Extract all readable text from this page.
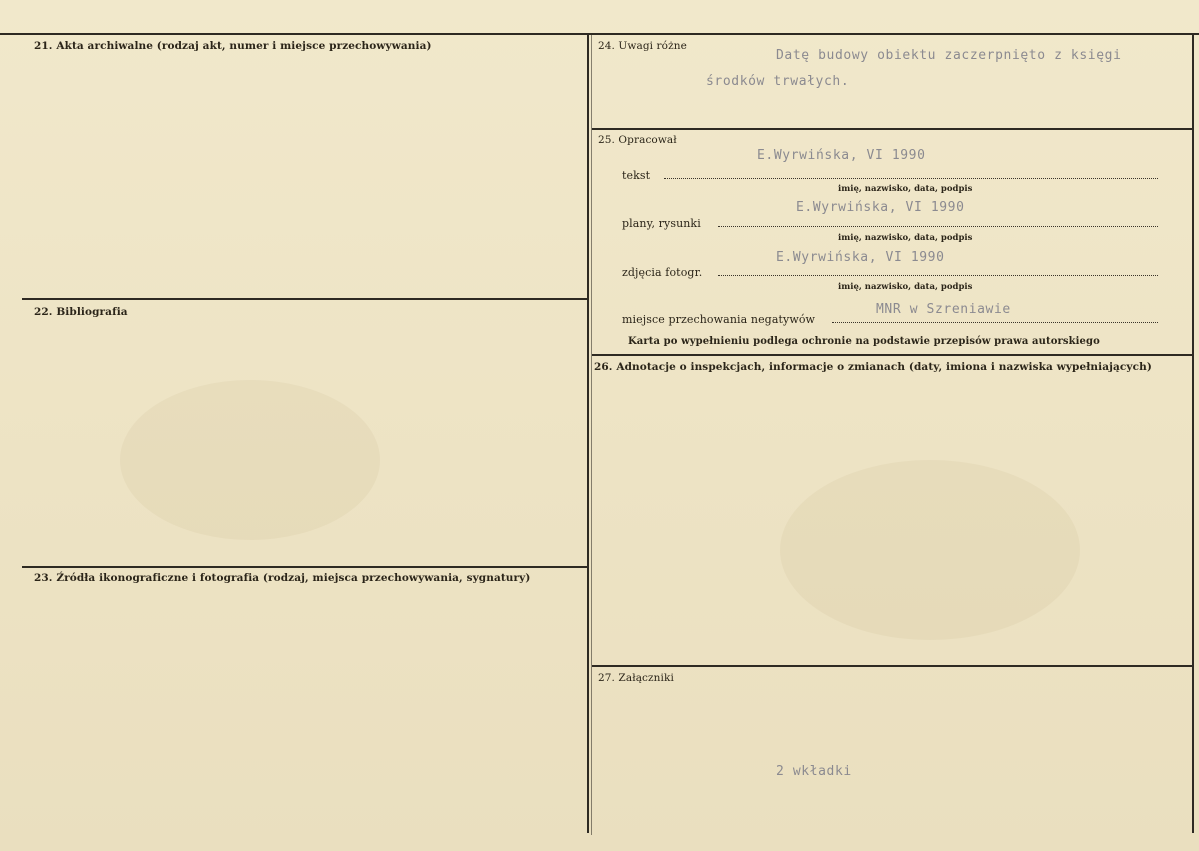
21. Akta archiwalne (rodzaj akt, numer i miejsce przechowywania)
22. Bibliografia
23. Źródła ikonograficzne i fotografia (rodzaj, miejsca przechowywania, sygnatury)
24. Uwagi różne
Datę budowy obiektu zaczerpnięto z księgi
środków trwałych.
25. Opracował
E.Wyrwińska, VI 1990
tekst
imię, nazwisko, data, podpis
E.Wyrwińska, VI 1990
plany, rysunki
imię, nazwisko, data, podpis
E.Wyrwińska, VI 1990
zdjęcia fotogr.
imię, nazwisko, data, podpis
MNR w Szreniawie
miejsce przechowania negatywów
Karta po wypełnieniu podlega ochronie na podstawie przepisów prawa autorskiego
26. Adnotacje o inspekcjach, informacje o zmianach (daty, imiona i nazwiska wypełniających)
27. Załączniki
2 wkładki
